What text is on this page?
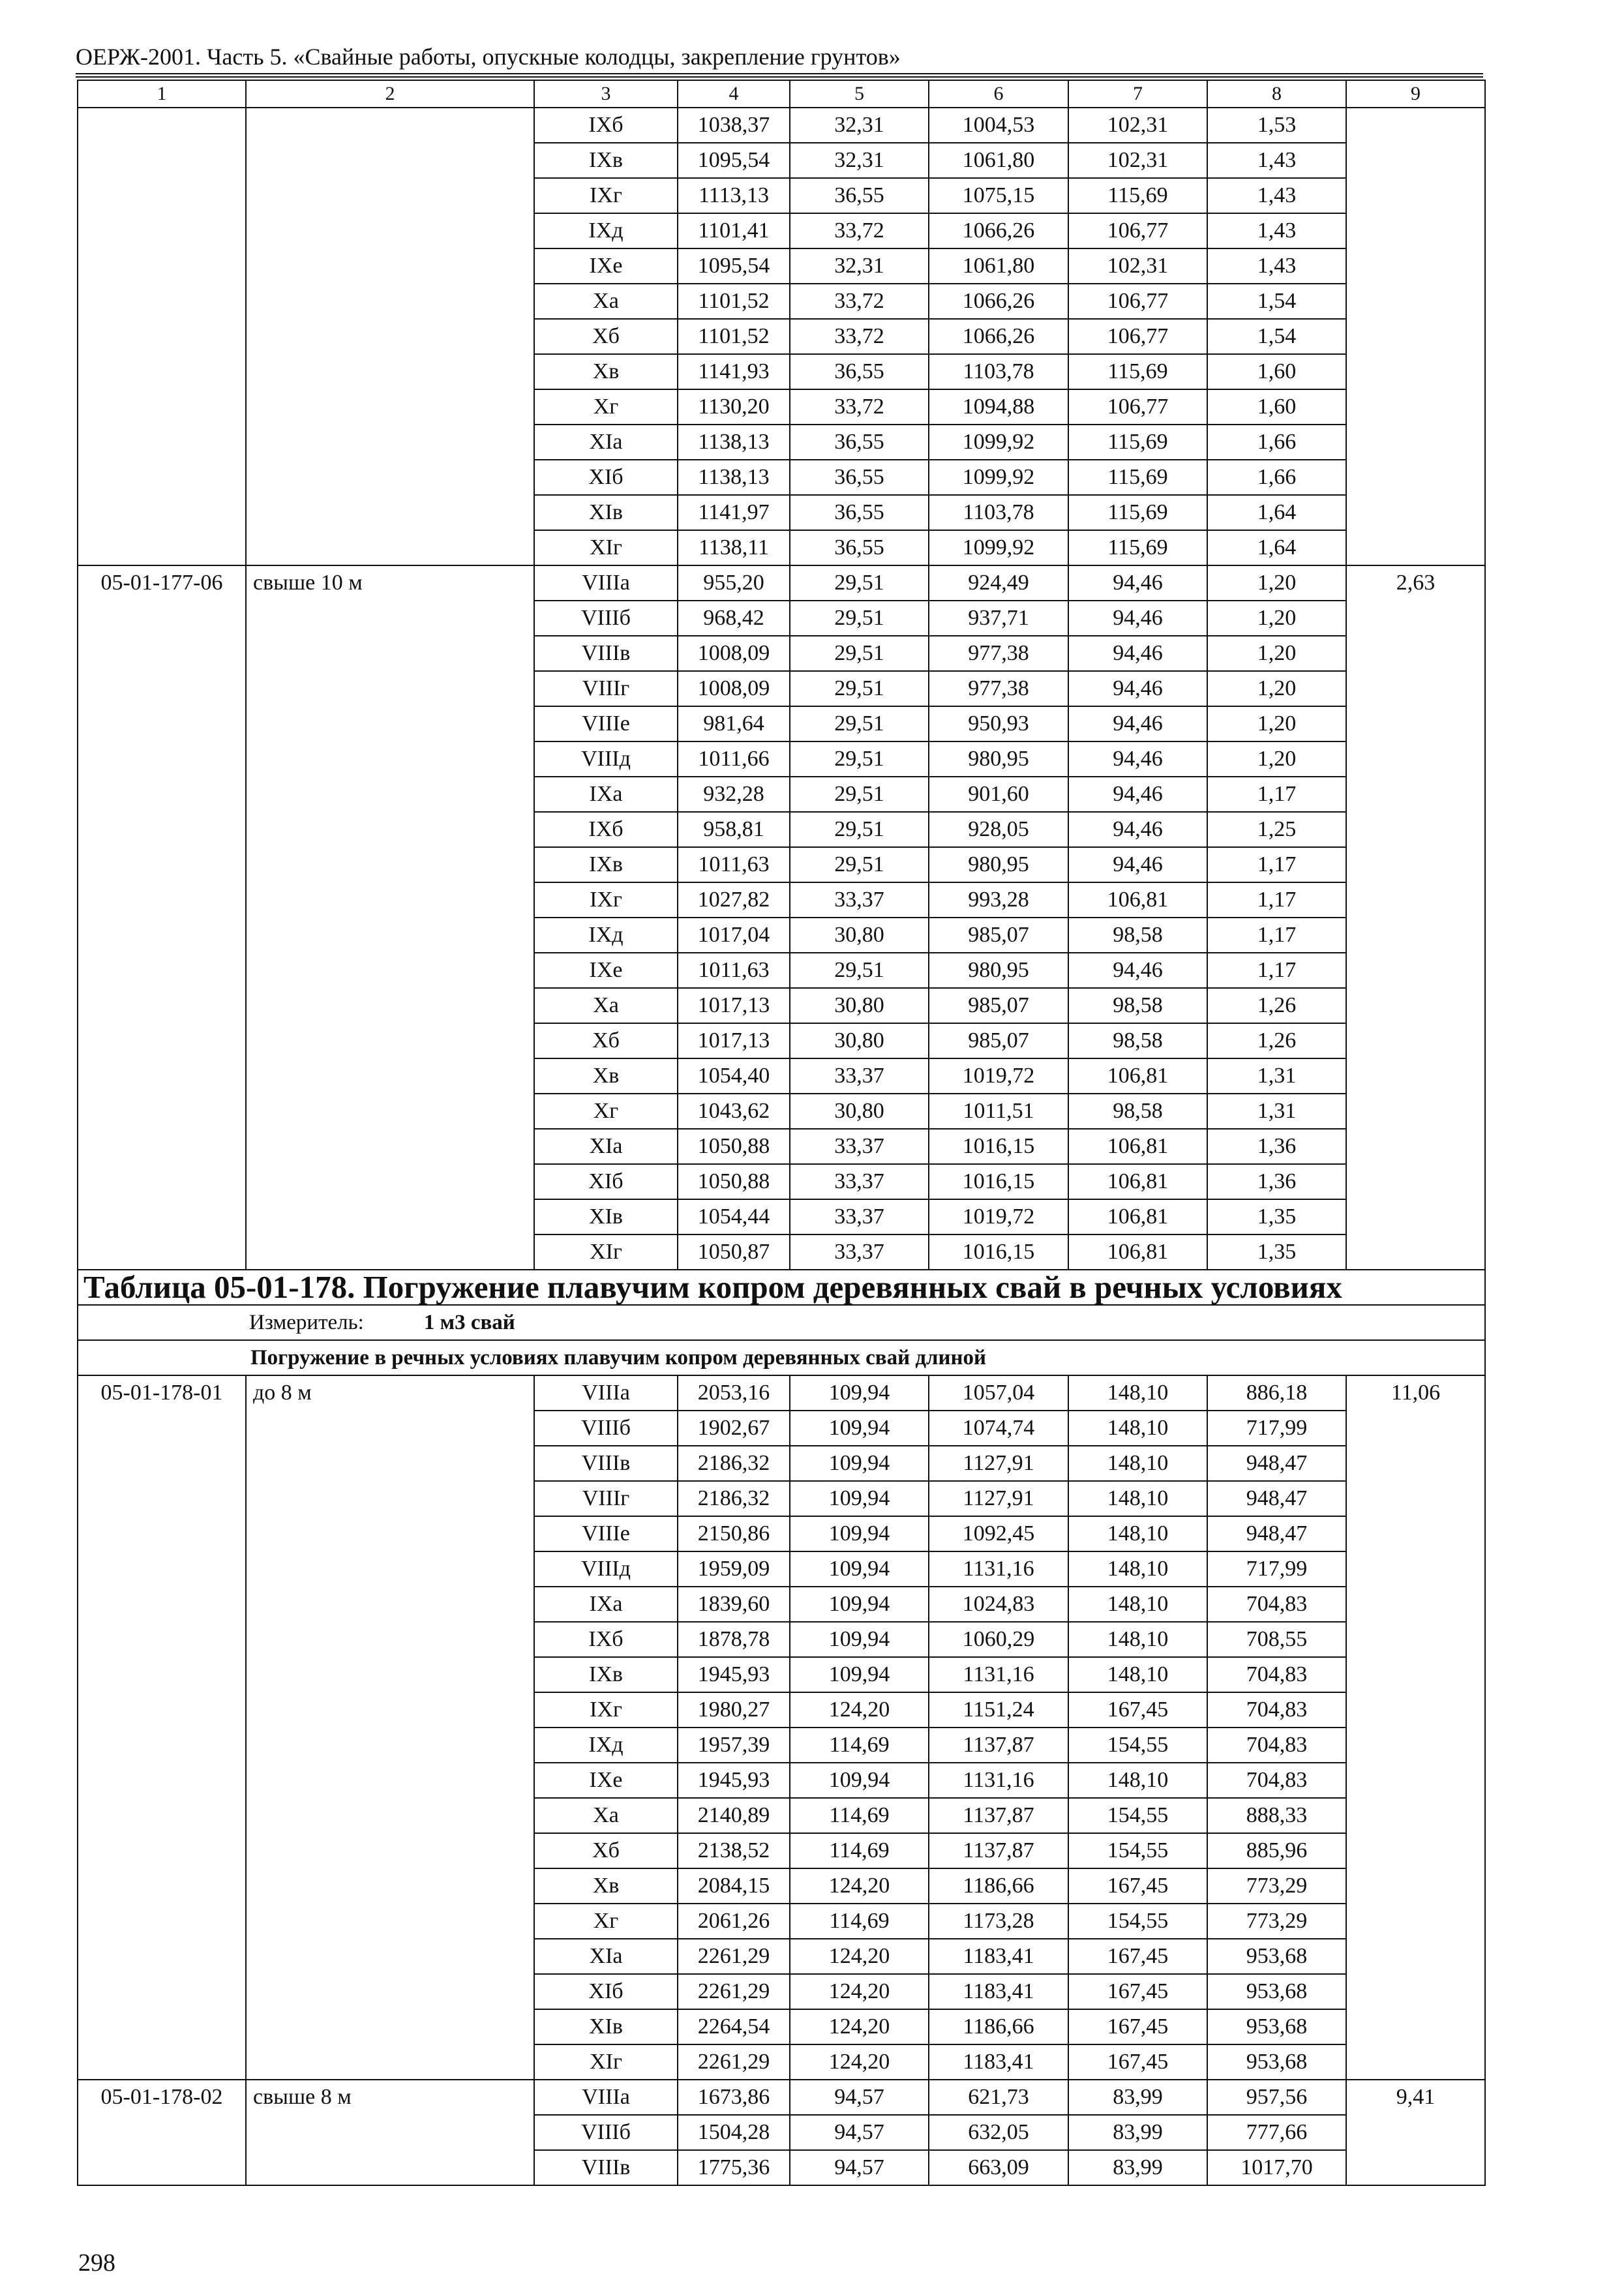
ОЕРЖ-2001. Часть 5. «Свайные работы, опускные колодцы, закрепление грунтов»
1	2	3	4	5	6	7	8	9
		IXб	1038,37	32,31	1004,53	102,31	1,53	
		IXв	1095,54	32,31	1061,80	102,31	1,43	
		IXг	1113,13	36,55	1075,15	115,69	1,43	
		IXд	1101,41	33,72	1066,26	106,77	1,43	
		IXе	1095,54	32,31	1061,80	102,31	1,43	
		Xа	1101,52	33,72	1066,26	106,77	1,54	
		Xб	1101,52	33,72	1066,26	106,77	1,54	
		Xв	1141,93	36,55	1103,78	115,69	1,60	
		Xг	1130,20	33,72	1094,88	106,77	1,60	
		XIа	1138,13	36,55	1099,92	115,69	1,66	
		XIб	1138,13	36,55	1099,92	115,69	1,66	
		XIв	1141,97	36,55	1103,78	115,69	1,64	
		XIг	1138,11	36,55	1099,92	115,69	1,64	
05-01-177-06	свыше 10 м	VIIIа	955,20	29,51	924,49	94,46	1,20	2,63
		VIIIб	968,42	29,51	937,71	94,46	1,20	
		VIIIв	1008,09	29,51	977,38	94,46	1,20	
		VIIIг	1008,09	29,51	977,38	94,46	1,20	
		VIIIе	981,64	29,51	950,93	94,46	1,20	
		VIIIд	1011,66	29,51	980,95	94,46	1,20	
		IXа	932,28	29,51	901,60	94,46	1,17	
		IXб	958,81	29,51	928,05	94,46	1,25	
		IXв	1011,63	29,51	980,95	94,46	1,17	
		IXг	1027,82	33,37	993,28	106,81	1,17	
		IXд	1017,04	30,80	985,07	98,58	1,17	
		IXе	1011,63	29,51	980,95	94,46	1,17	
		Xа	1017,13	30,80	985,07	98,58	1,26	
		Xб	1017,13	30,80	985,07	98,58	1,26	
		Xв	1054,40	33,37	1019,72	106,81	1,31	
		Xг	1043,62	30,80	1011,51	98,58	1,31	
		XIа	1050,88	33,37	1016,15	106,81	1,36	
		XIб	1050,88	33,37	1016,15	106,81	1,36	
		XIв	1054,44	33,37	1019,72	106,81	1,35	
		XIг	1050,87	33,37	1016,15	106,81	1,35	
Таблица 05-01-178. Погружение плавучим копром деревянных свай в речных условиях								
Измеритель: 1 м3 свай								
Погружение в речных условиях плавучим копром деревянных свай длиной								
05-01-178-01	до 8 м	VIIIа	2053,16	109,94	1057,04	148,10	886,18	11,06
		VIIIб	1902,67	109,94	1074,74	148,10	717,99	
		VIIIв	2186,32	109,94	1127,91	148,10	948,47	
		VIIIг	2186,32	109,94	1127,91	148,10	948,47	
		VIIIе	2150,86	109,94	1092,45	148,10	948,47	
		VIIIд	1959,09	109,94	1131,16	148,10	717,99	
		IXа	1839,60	109,94	1024,83	148,10	704,83	
		IXб	1878,78	109,94	1060,29	148,10	708,55	
		IXв	1945,93	109,94	1131,16	148,10	704,83	
		IXг	1980,27	124,20	1151,24	167,45	704,83	
		IXд	1957,39	114,69	1137,87	154,55	704,83	
		IXе	1945,93	109,94	1131,16	148,10	704,83	
		Xа	2140,89	114,69	1137,87	154,55	888,33	
		Xб	2138,52	114,69	1137,87	154,55	885,96	
		Xв	2084,15	124,20	1186,66	167,45	773,29	
		Xг	2061,26	114,69	1173,28	154,55	773,29	
		XIа	2261,29	124,20	1183,41	167,45	953,68	
		XIб	2261,29	124,20	1183,41	167,45	953,68	
		XIв	2264,54	124,20	1186,66	167,45	953,68	
		XIг	2261,29	124,20	1183,41	167,45	953,68	
05-01-178-02	свыше 8 м	VIIIа	1673,86	94,57	621,73	83,99	957,56	9,41
		VIIIб	1504,28	94,57	632,05	83,99	777,66	
		VIIIв	1775,36	94,57	663,09	83,99	1017,70	
298
